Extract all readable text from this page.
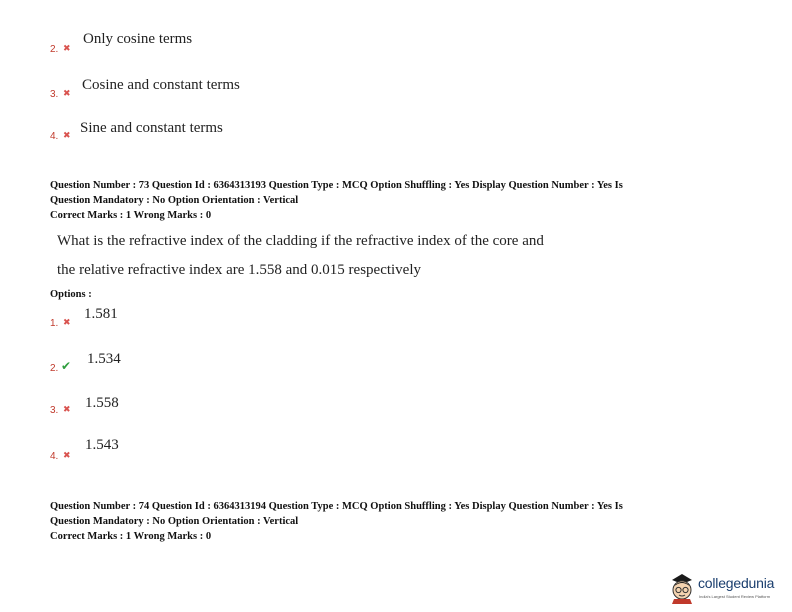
2. ✖
Only cosine terms
3. ✖ Cosine and constant terms
4. ✖ Sine and constant terms
Question Number : 73 Question Id : 6364313193 Question Type : MCQ Option Shuffling : Yes Display Question Number : Yes Is
Question Mandatory : No Option Orientation : Vertical
Correct Marks : 1 Wrong Marks : 0
What is the refractive index of the cladding if the refractive index of the core and
the relative refractive index are 1.558 and 0.015 respectively
Options :
1. ✖ 1.581
2. ✔ 1.534
3. ✖ 1.558
4. ✖
1.543
Question Number : 74 Question Id : 6364313194 Question Type : MCQ Option Shuffling : Yes Display Question Number : Yes Is
Question Mandatory : No Option Orientation : Vertical
Correct Marks : 1 Wrong Marks : 0
collegedunia
India's Largest Student Review Platform
